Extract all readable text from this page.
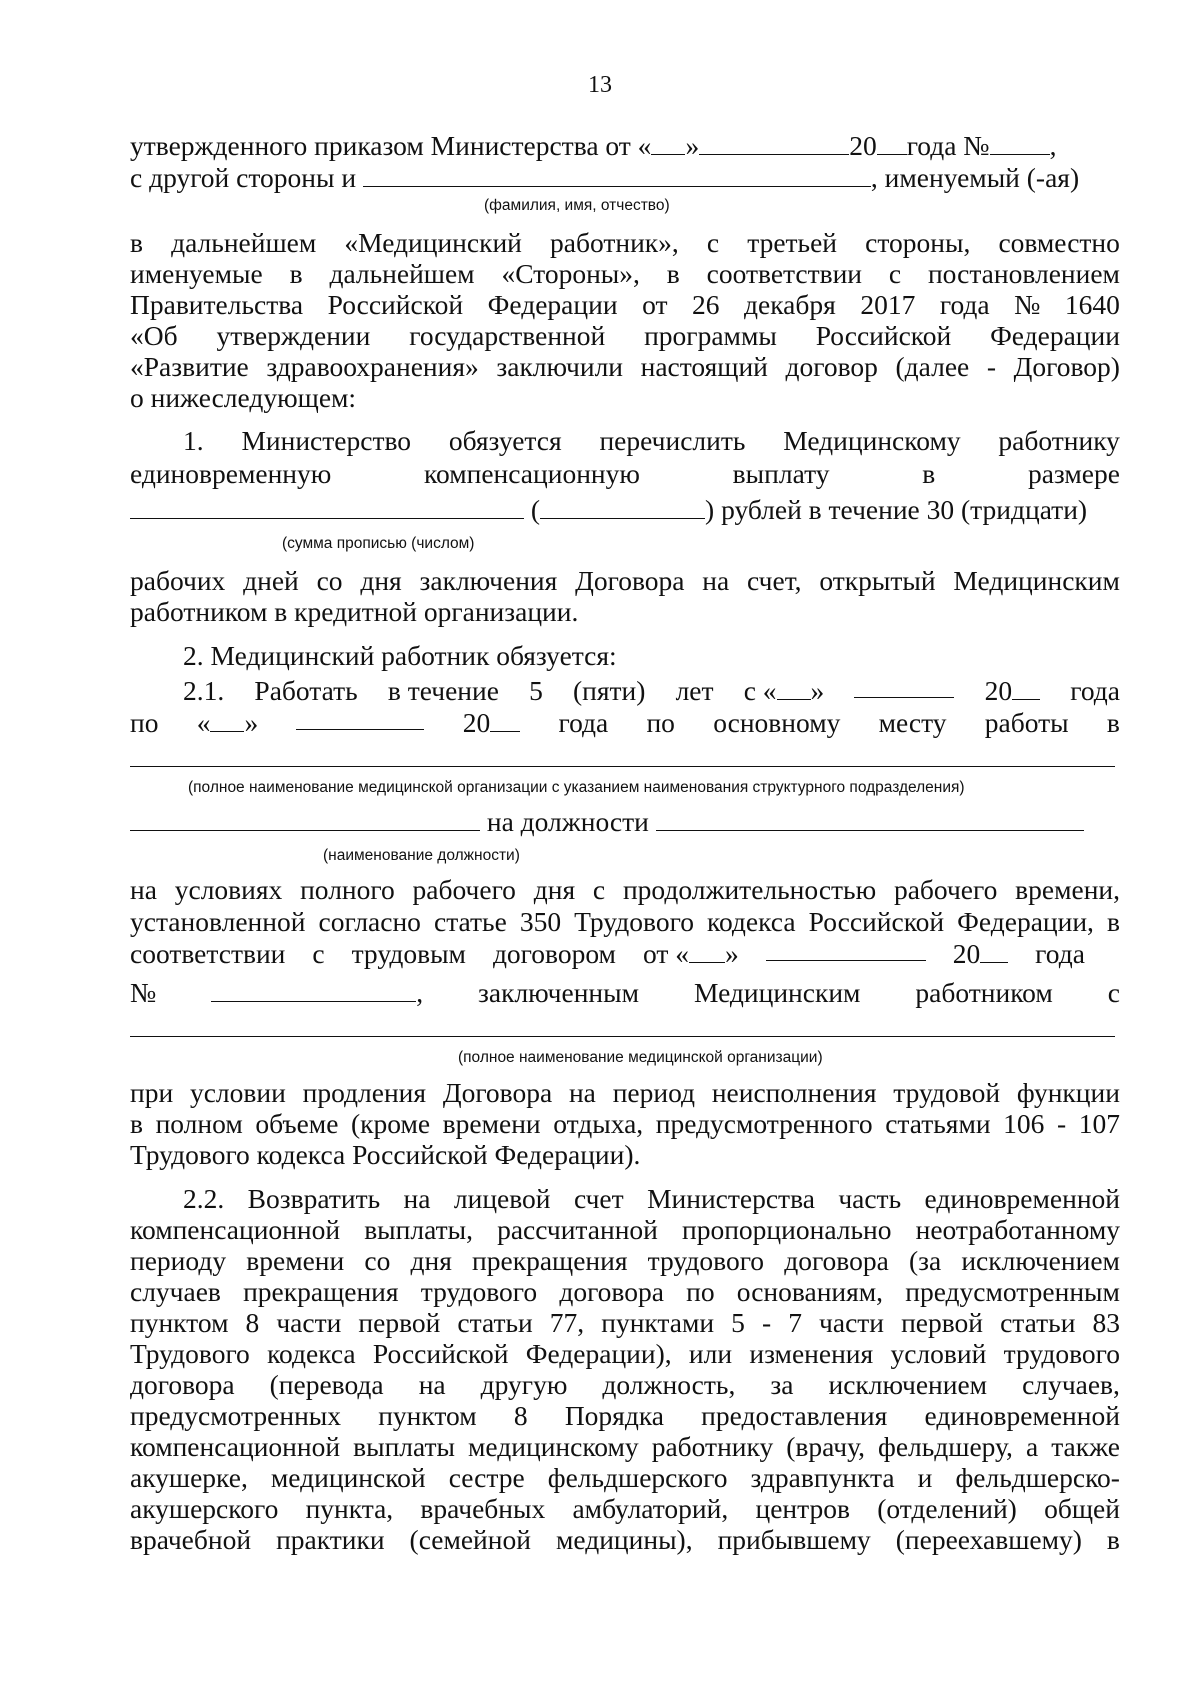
13
утвержденного приказом Министерства от « »	20 года № ,
с другой стороны и	, именуемый (-ая)
(фамилия, имя, отчество)
в дальнейшем «Медицинский работник», с третьей стороны, совместно
именуемые в дальнейшем «Стороны», в соответствии с постановлением
Правительства Российской Федерации от 26 декабря 2017 года № 1640
«Об утверждении государственной программы Российской Федерации
«Развитие здравоохранения» заключили настоящий договор (далее - Договор)
о нижеследующем:
1. Министерство обязуется перечислить Медицинскому работнику
единовременную	компенсационную	выплату	в	размере
(	) рублей в течение 30 (тридцати)
(сумма прописью (числом)
рабочих дней со дня заключения Договора на счет, открытый Медицинским
работником в кредитной организации.
2. Медицинский работник обязуется:
2.1. Работать в течение 5 (пяти) лет с « »	20	года
по « »	20	года по основному месту работы в
(полное наименование медицинской организации с указанием наименования структурного подразделения)
на должности
(наименование должности)
на условиях полного рабочего дня с продолжительностью рабочего времени,
установленной согласно статье 350 Трудового кодекса Российской Федерации, в
соответствии с трудовым договором от « »	20	года
№	, заключенным Медицинским работником с
(полное наименование медицинской организации)
при условии продления Договора на период неисполнения трудовой функции
в полном объеме (кроме времени отдыха, предусмотренного статьями 106 - 107
Трудового кодекса Российской Федерации).
2.2. Возвратить на лицевой счет Министерства часть единовременной
компенсационной выплаты, рассчитанной пропорционально неотработанному
периоду времени со дня прекращения трудового договора (за исключением
случаев прекращения трудового договора по основаниям, предусмотренным
пунктом 8 части первой статьи 77, пунктами 5 - 7 части первой статьи 83
Трудового кодекса Российской Федерации), или изменения условий трудового
договора (перевода на другую должность, за исключением случаев,
предусмотренных пунктом 8 Порядка предоставления единовременной
компенсационной выплаты медицинскому работнику (врачу, фельдшеру, а также
акушерке, медицинской сестре фельдшерского здравпункта и фельдшерско-
акушерского пункта, врачебных амбулаторий, центров (отделений) общей
врачебной практики (семейной медицины), прибывшему (переехавшему) в
